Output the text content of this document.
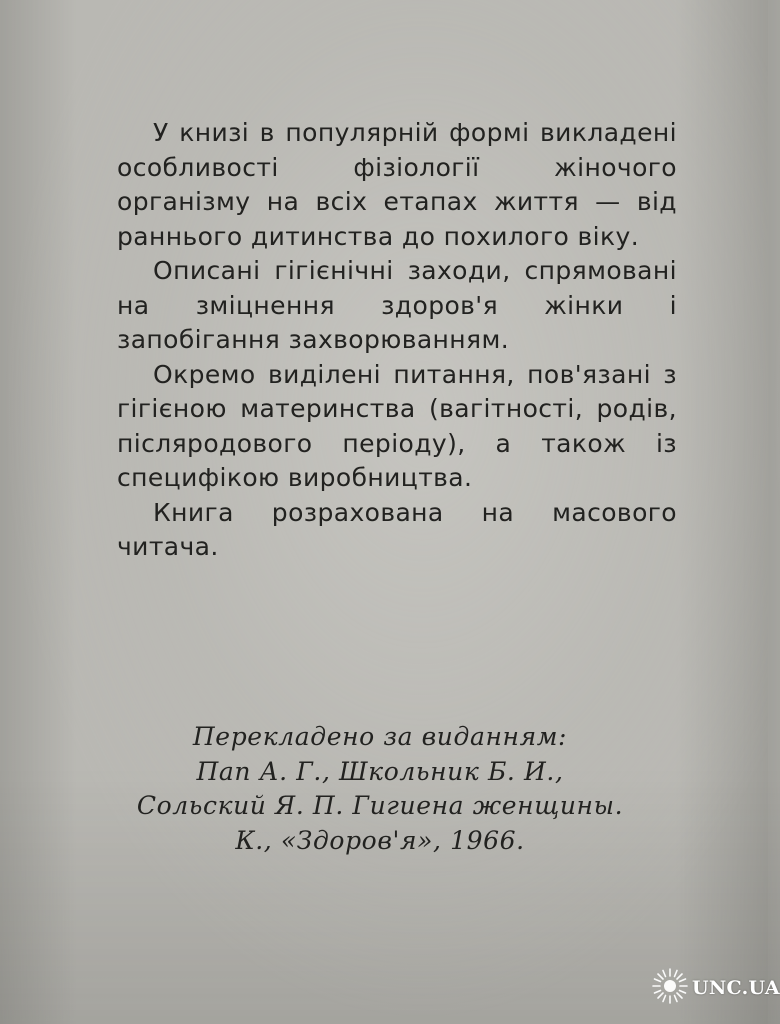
У книзі в популярній формі викладені особливості фізіології жіночого організму на всіх етапах життя — від раннього дитинства до похилого віку.

Описані гігієнічні заходи, спрямовані на зміцнення здоров'я жінки і запобігання захворюванням.

Окремо виділені питання, пов'язані з гігієною материнства (вагітності, родів, післяродового періоду), а також із специфікою виробництва.

Книга розрахована на масового читача.

Перекладено за виданням:
Пап А. Г., Школьник Б. И.,
Сольский Я. П. Гигиена женщины.
К., «Здоров'я», 1966.
UNC.UA
